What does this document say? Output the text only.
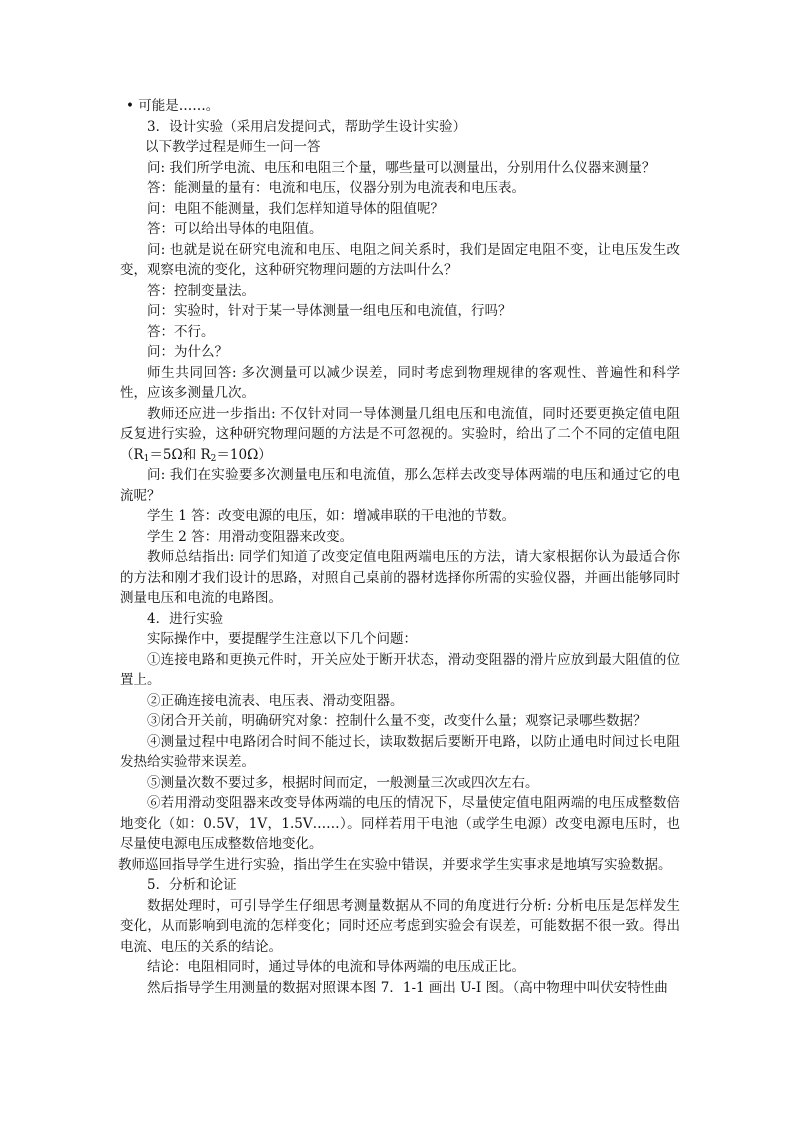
• 可能是……。

3．设计实验（采用启发提问式，帮助学生设计实验）

以下教学过程是师生一问一答

问: 我们所学电流、电压和电阻三个量，哪些量可以测量出，分别用什么仪器来测量？

答：能测量的量有：电流和电压，仪器分别为电流表和电压表。

问：电阻不能测量，我们怎样知道导体的阻值呢？

答：可以给出导体的电阻值。

问: 也就是说在研究电流和电压、电阻之间关系时，我们是固定电阻不变，让电压发生改变，观察电流的变化，这种研究物理问题的方法叫什么？

答：控制变量法。

问：实验时，针对于某一导体测量一组电压和电流值，行吗？

答：不行。

问：为什么？

师生共同回答: 多次测量可以减少误差，同时考虑到物理规律的客观性、普遍性和科学性，应该多测量几次。

教师还应进一步指出: 不仅针对同一导体测量几组电压和电流值，同时还要更换定值电阻反复进行实验，这种研究物理问题的方法是不可忽视的。实验时，给出了二个不同的定值电阻（$R_1=5\Omega$和 $R_2=10\Omega$）

问: 我们在实验要多次测量电压和电流值，那么怎样去改变导体两端的电压和通过它的电流呢？

学生 1 答：改变电源的电压，如：增减串联的干电池的节数。

学生 2 答：用滑动变阻器来改变。

教师总结指出: 同学们知道了改变定值电阻两端电压的方法，请大家根据你认为最适合你的方法和刚才我们设计的思路，对照自己桌前的器材选择你所需的实验仪器，并画出能够同时测量电压和电流的电路图。

4．进行实验

实际操作中，要提醒学生注意以下几个问题：

①连接电路和更换元件时，开关应处于断开状态，滑动变阻器的滑片应放到最大阻值的位置上。

②正确连接电流表、电压表、滑动变阻器。

③闭合开关前，明确研究对象：控制什么量不变，改变什么量；观察记录哪些数据？

④测量过程中电路闭合时间不能过长，读取数据后要断开电路，以防止通电时间过长电阻发热给实验带来误差。

⑤测量次数不要过多，根据时间而定，一般测量三次或四次左右。

⑥若用滑动变阻器来改变导体两端的电压的情况下，尽量使定值电阻两端的电压成整数倍地变化（如：0.5V，1V，1.5V……）。同样若用干电池（或学生电源）改变电源电压时，也尽量使电源电压成整数倍地变化。

教师巡回指导学生进行实验，指出学生在实验中错误，并要求学生实事求是地填写实验数据。

5．分析和论证

数据处理时，可引导学生仔细思考测量数据从不同的角度进行分析: 分析电压是怎样发生变化，从而影响到电流的怎样变化；同时还应考虑到实验会有误差，可能数据不很一致。得出电流、电压的关系的结论。

结论：电阻相同时，通过导体的电流和导体两端的电压成正比。

然后指导学生用测量的数据对照课本图 7．1-1 画出 U-I 图。（高中物理中叫伏安特性曲
